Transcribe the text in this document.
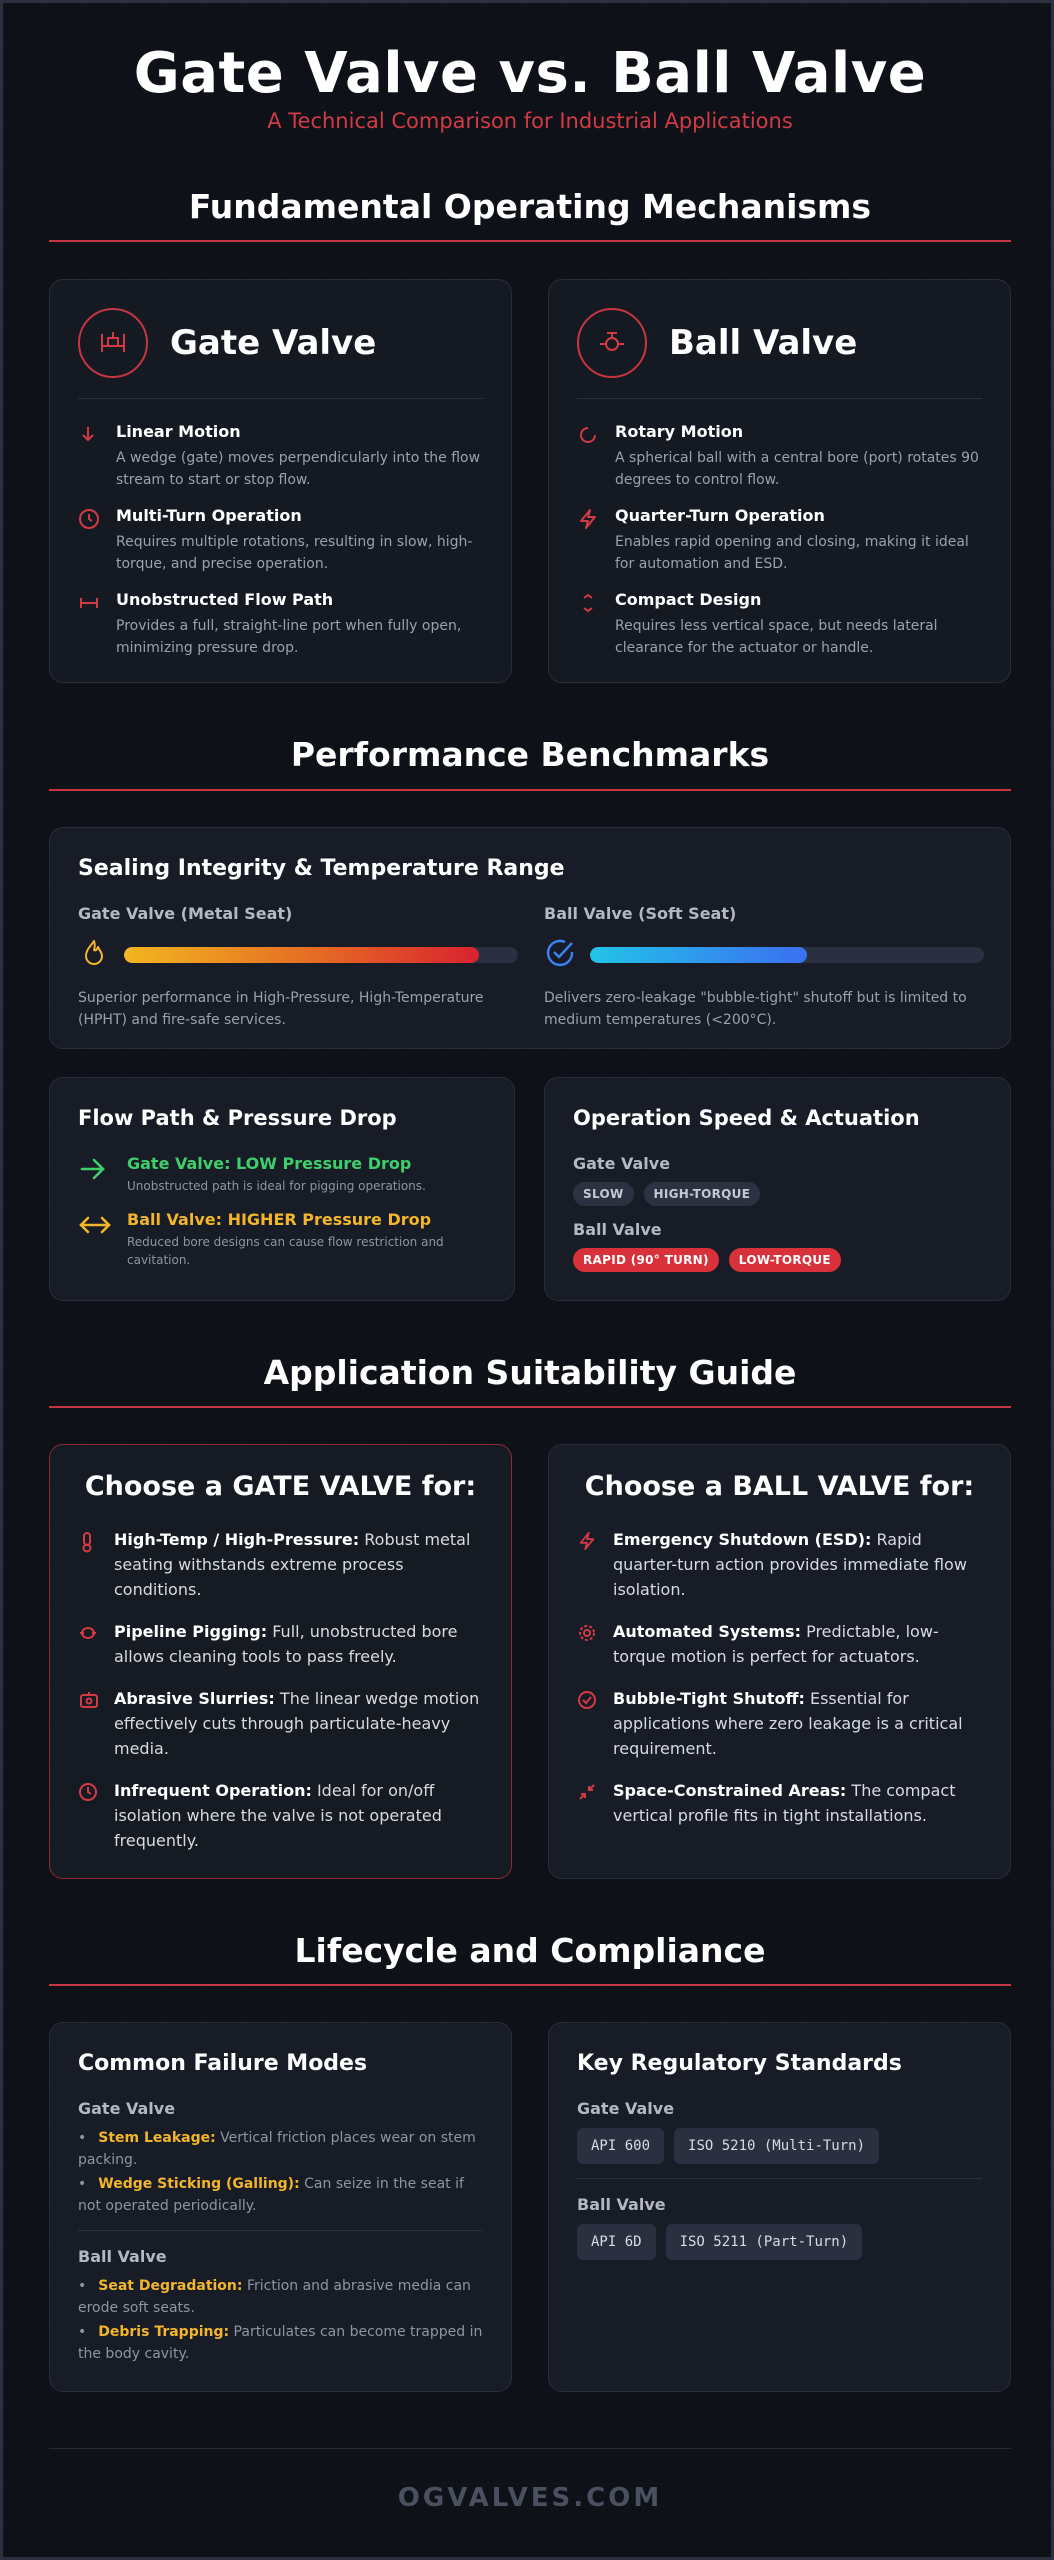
Gate Valve vs. Ball Valve
A Technical Comparison for Industrial Applications
Fundamental Operating Mechanisms
Gate Valve
Linear Motion
A wedge (gate) moves perpendicularly into the flow stream to start or stop flow.
Multi-Turn Operation
Requires multiple rotations, resulting in slow, high-torque, and precise operation.
Unobstructed Flow Path
Provides a full, straight-line port when fully open, minimizing pressure drop.
Ball Valve
Rotary Motion
A spherical ball with a central bore (port) rotates 90 degrees to control flow.
Quarter-Turn Operation
Enables rapid opening and closing, making it ideal for automation and ESD.
Compact Design
Requires less vertical space, but needs lateral clearance for the actuator or handle.
Performance Benchmarks
Sealing Integrity & Temperature Range
Gate Valve (Metal Seat)
Superior performance in High-Pressure, High-Temperature (HPHT) and fire-safe services.
Ball Valve (Soft Seat)
Delivers zero-leakage "bubble-tight" shutoff but is limited to medium temperatures (<200°C).
Flow Path & Pressure Drop
Gate Valve: LOW Pressure Drop
Unobstructed path is ideal for pigging operations.
Ball Valve: HIGHER Pressure Drop
Reduced bore designs can cause flow restriction and cavitation.
Operation Speed & Actuation
Gate Valve
SLOW	HIGH-TORQUE
Ball Valve
RAPID (90° TURN)	LOW-TORQUE
Application Suitability Guide
Choose a GATE VALVE for:
High-Temp / High-Pressure: Robust metal seating withstands extreme process conditions.
Pipeline Pigging: Full, unobstructed bore allows cleaning tools to pass freely.
Abrasive Slurries: The linear wedge motion effectively cuts through particulate-heavy media.
Infrequent Operation: Ideal for on/off isolation where the valve is not operated frequently.
Choose a BALL VALVE for:
Emergency Shutdown (ESD): Rapid quarter-turn action provides immediate flow isolation.
Automated Systems: Predictable, low-torque motion is perfect for actuators.
Bubble-Tight Shutoff: Essential for applications where zero leakage is a critical requirement.
Space-Constrained Areas: The compact vertical profile fits in tight installations.
Lifecycle and Compliance
Common Failure Modes
Gate Valve
• Stem Leakage: Vertical friction places wear on stem packing.
• Wedge Sticking (Galling): Can seize in the seat if not operated periodically.
Ball Valve
• Seat Degradation: Friction and abrasive media can erode soft seats.
• Debris Trapping: Particulates can become trapped in the body cavity.
Key Regulatory Standards
Gate Valve
API 600	ISO 5210 (Multi-Turn)
Ball Valve
API 6D	ISO 5211 (Part-Turn)
OGVALVES.COM
